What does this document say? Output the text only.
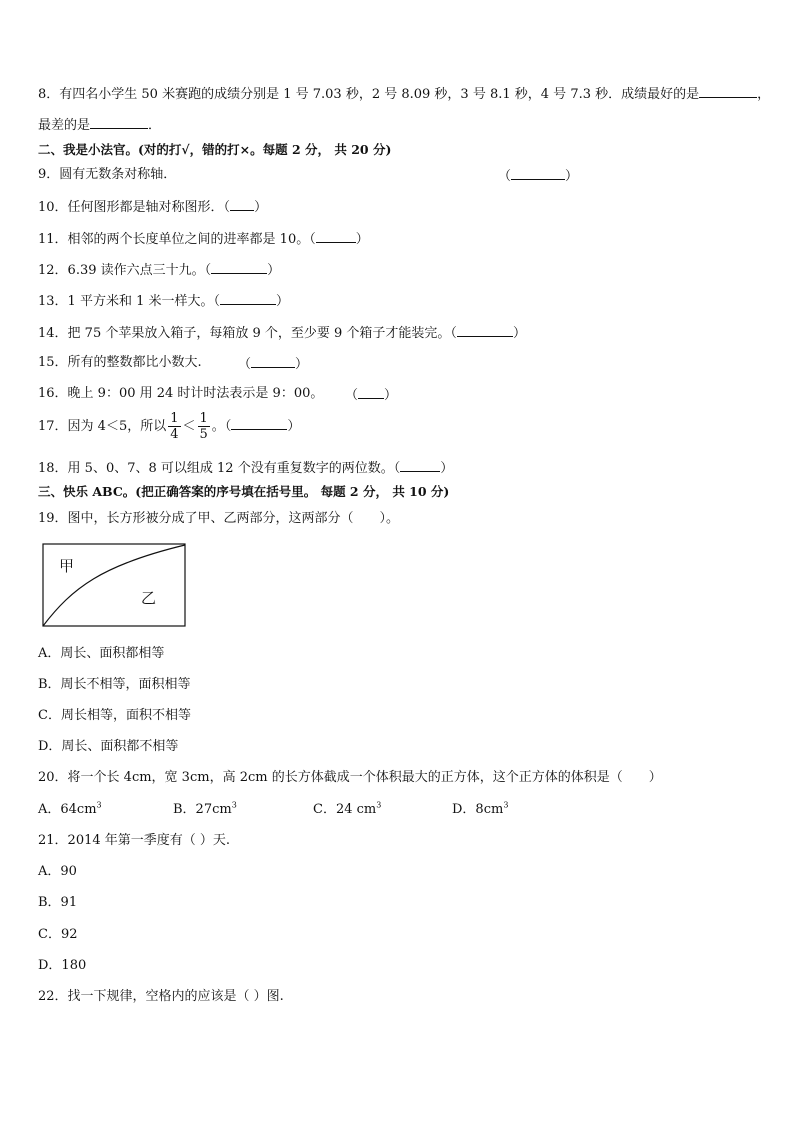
8．有四名小学生 50 米赛跑的成绩分别是 1 号 7.03 秒，2 号 8.09 秒，3 号 8.1 秒，4 号 7.3 秒．成绩最好的是	，
最差的是	．
二、我是小法官。(对的打√，错的打×。每题 2 分， 共 20 分)
9．圆有无数条对称轴．	（	）
10．任何图形都是轴对称图形．（ ）
11．相邻的两个长度单位之间的进率都是 10。（	）
12．6.39 读作六点三十九。（	）
13．1 平方米和 1 米一样大。（	）
14．把 75 个苹果放入箱子，每箱放 9 个，至少要 9 个箱子才能装完。（	）
15．所有的整数都比小数大.	（	）
16．晚上 9：00 用 24 时计时法表示是 9：00。 （ ）
17．因为 4＜5，所以 $\frac{1}{4} < \frac{1}{5}$ 。（	）
18．用 5、0、7、8 可以组成 12 个没有重复数字的两位数。（	）
三、快乐 ABC。(把正确答案的序号填在括号里。 每题 2 分， 共 10 分)
19．图中，长方形被分成了甲、乙两部分，这两部分（　　）。
甲
乙
A．周长、面积都相等
B．周长不相等，面积相等
C．周长相等，面积不相等
D．周长、面积都不相等
20．将一个长 4cm，宽 3cm，高 2cm 的长方体截成一个体积最大的正方体，这个正方体的体积是（　　）
A．$64cm^3$	B．$27cm^3$	C．24 $cm^3$	D．$8cm^3$
21．2014 年第一季度有（ ）天.
A．90
B．91
C．92
D．180
22．找一下规律，空格内的应该是（ ）图.
